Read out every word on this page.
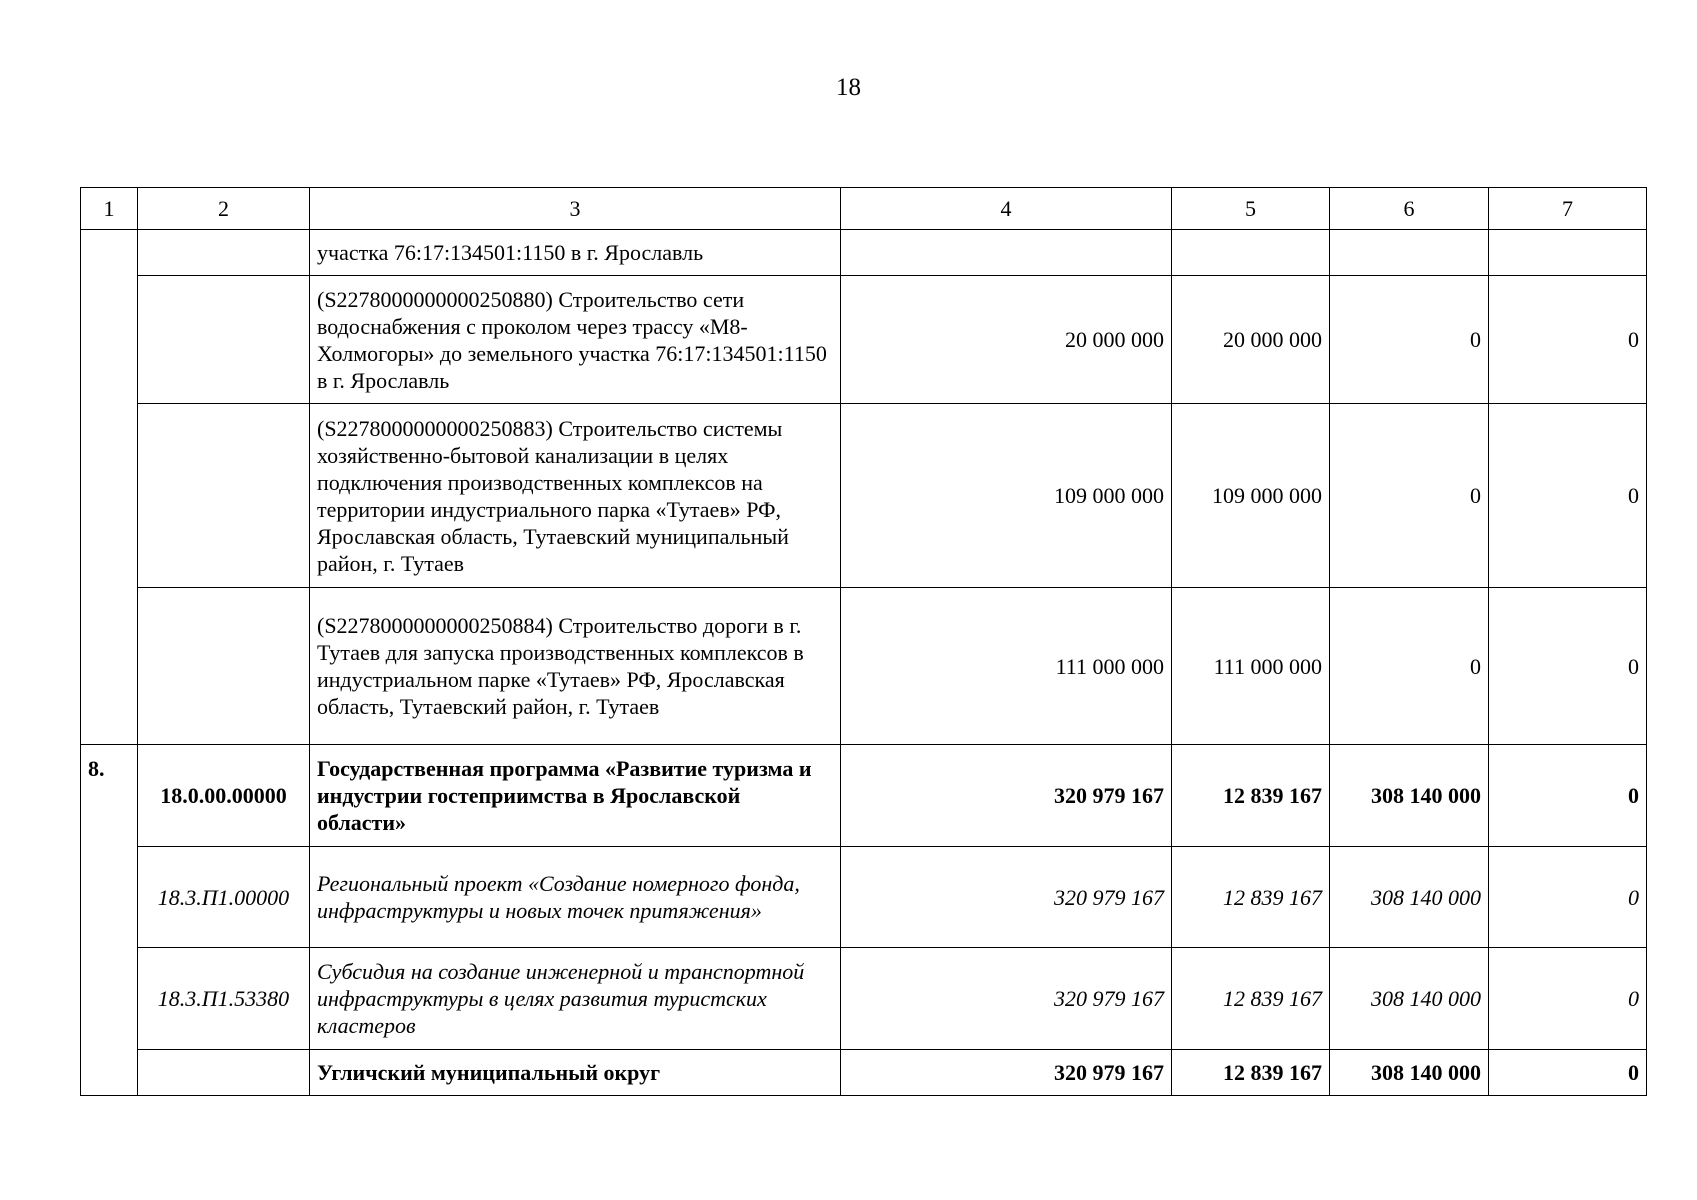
18
1	2	3	4	5	6	7
		участка 76:17:134501:1150 в г. Ярославль				
		(S2278000000000250880) Строительство сети водоснабжения с проколом через трассу «М8-Холмогоры» до земельного участка 76:17:134501:1150 в г. Ярославль	20 000 000	20 000 000	0	0
		(S2278000000000250883) Строительство системы хозяйственно-бытовой канализации в целях подключения производственных комплексов на территории индустриального парка «Тутаев» РФ, Ярославская область, Тутаевский муниципальный район, г. Тутаев	109 000 000	109 000 000	0	0
		(S2278000000000250884) Строительство дороги в г. Тутаев для запуска производственных комплексов в индустриальном парке «Тутаев» РФ, Ярославская область, Тутаевский район, г. Тутаев	111 000 000	111 000 000	0	0
8.	18.0.00.00000	Государственная программа «Развитие туризма и индустрии гостеприимства в Ярославской области»	320 979 167	12 839 167	308 140 000	0
	18.3.П1.00000	Региональный проект «Создание номерного фонда, инфраструктуры и новых точек притяжения»	320 979 167	12 839 167	308 140 000	0
	18.3.П1.53380	Субсидия на создание инженерной и транспортной инфраструктуры в целях развития туристских кластеров	320 979 167	12 839 167	308 140 000	0
		Угличский муниципальный округ	320 979 167	12 839 167	308 140 000	0
